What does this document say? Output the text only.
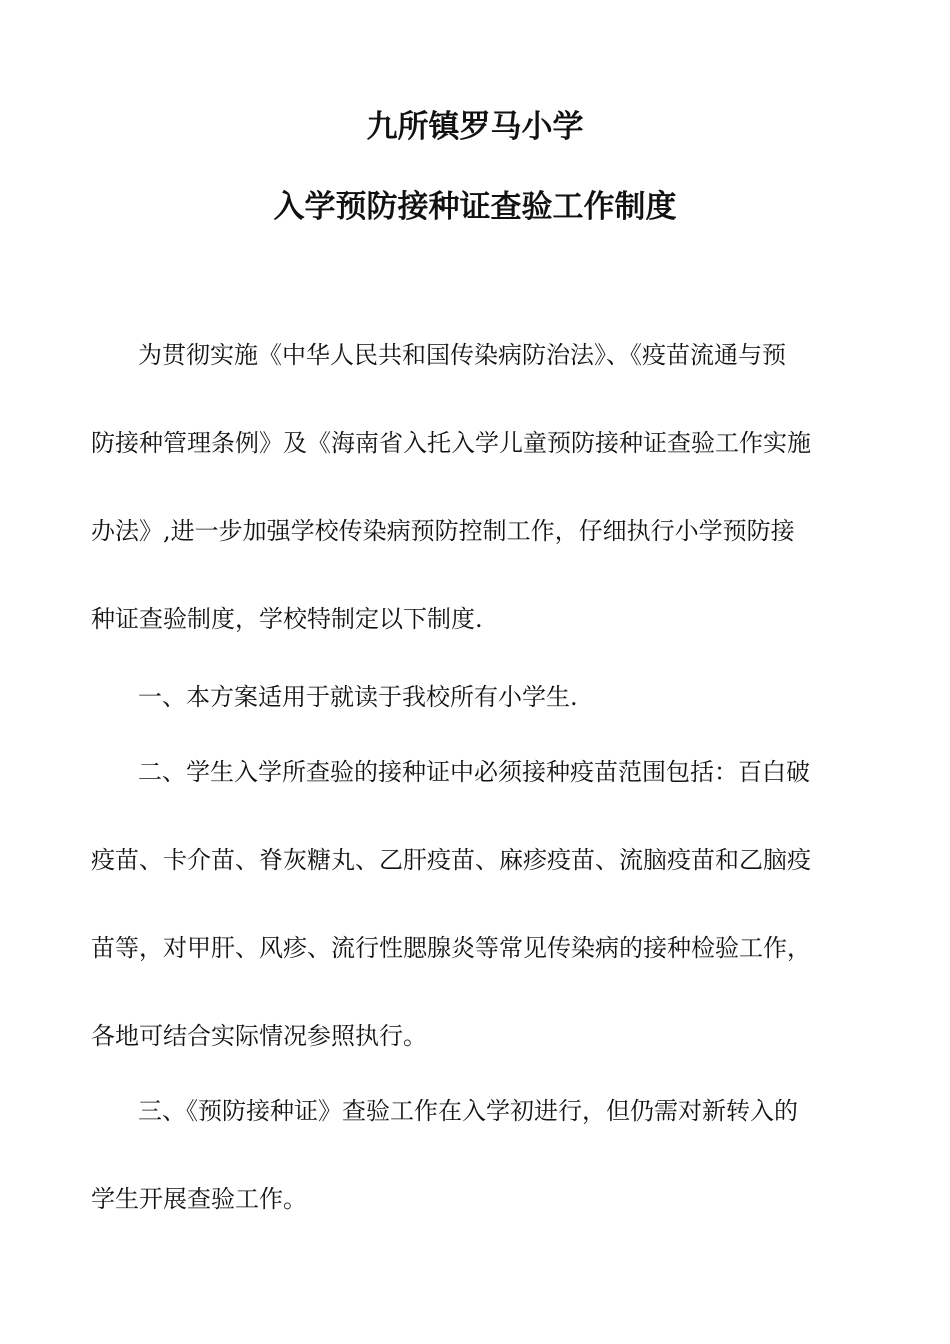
九所镇罗马小学
入学预防接种证查验工作制度

为贯彻实施《中华人民共和国传染病防治法》、《疫苗流通与预

防接种管理条例》及《海南省入托入学儿童预防接种证查验工作实施

办法》,进一步加强学校传染病预防控制工作，仔细执行小学预防接

种证查验制度，学校特制定以下制度.

一、本方案适用于就读于我校所有小学生.

二、学生入学所查验的接种证中必须接种疫苗范围包括：百白破

疫苗、卡介苗、脊灰糖丸、乙肝疫苗、麻疹疫苗、流脑疫苗和乙脑疫

苗等，对甲肝、风疹、流行性腮腺炎等常见传染病的接种检验工作，

各地可结合实际情况参照执行。

三、《预防接种证》查验工作在入学初进行，但仍需对新转入的

学生开展查验工作。
